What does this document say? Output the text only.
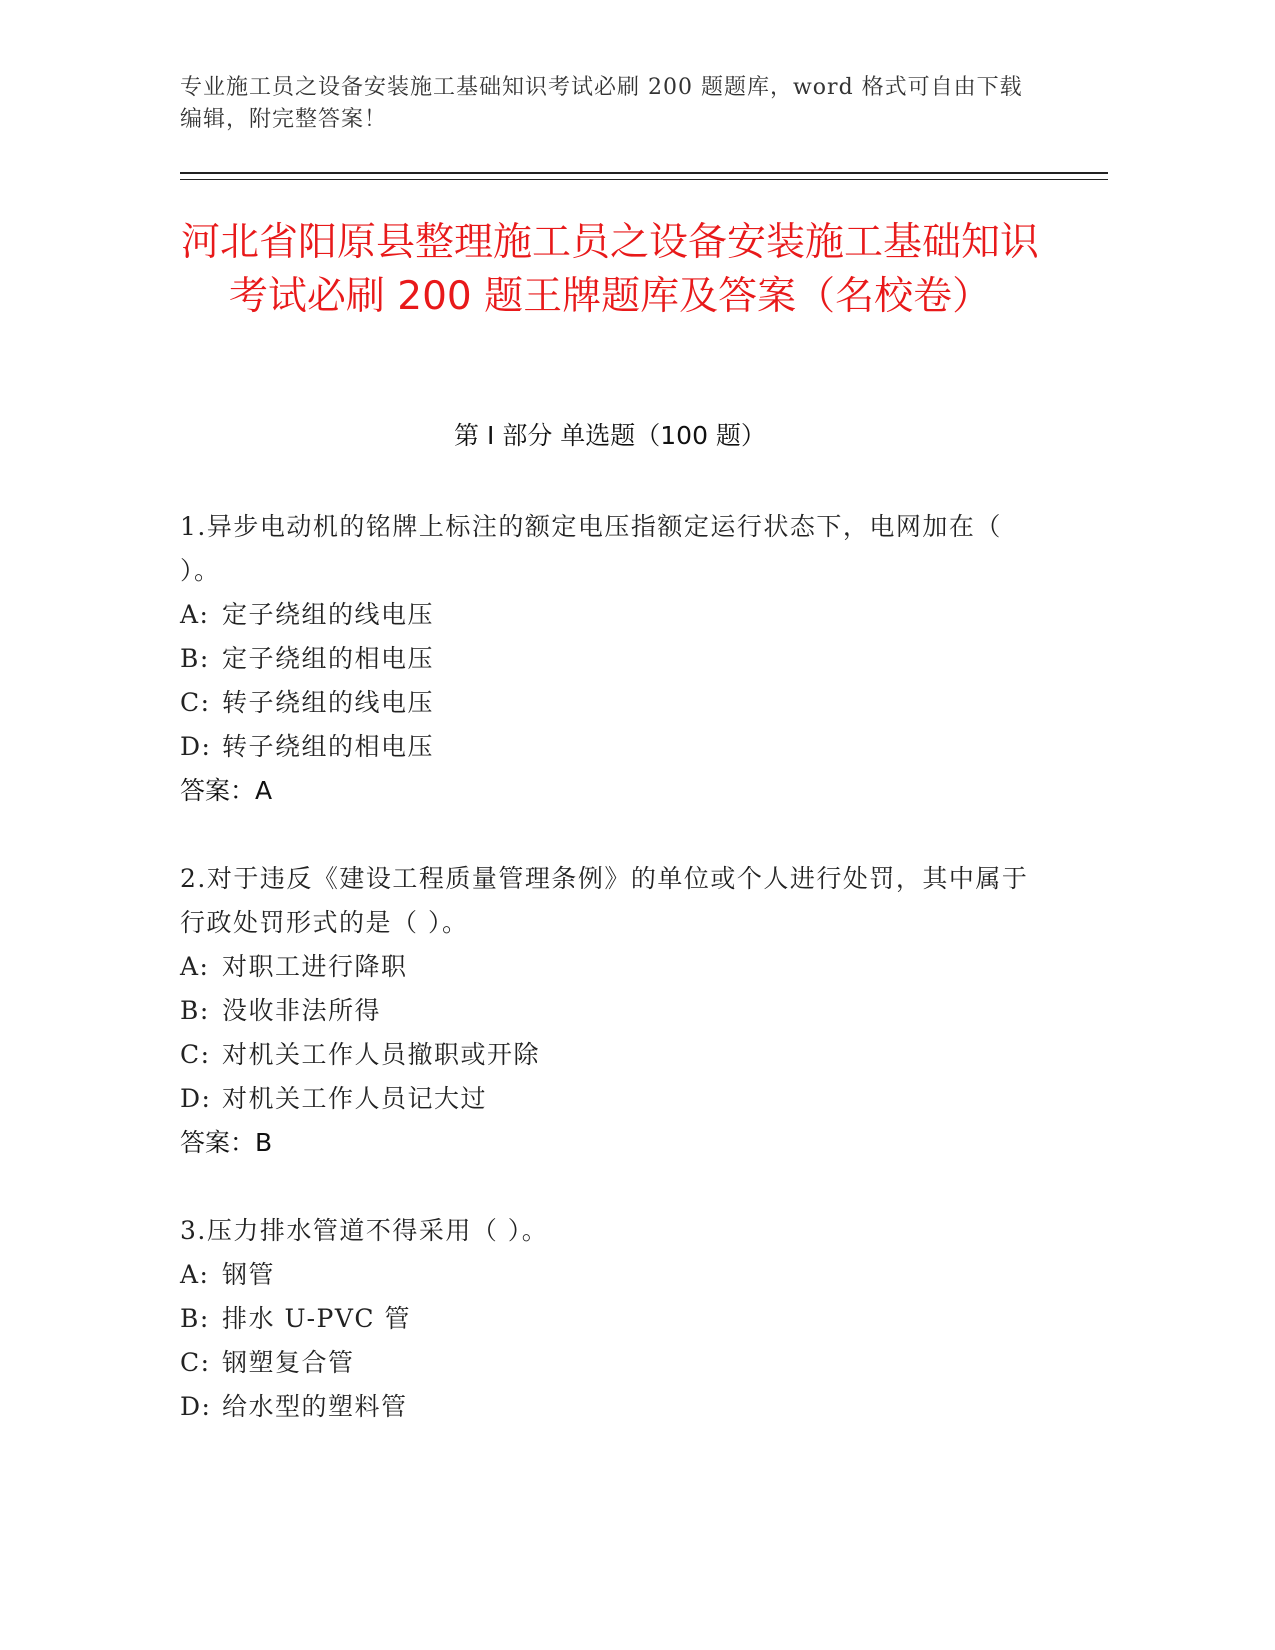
专业施工员之设备安装施工基础知识考试必刷 200 题题库，word 格式可自由下载编辑，附完整答案！
河北省阳原县整理施工员之设备安装施工基础知识考试必刷 200 题王牌题库及答案（名校卷）
第 I 部分 单选题（100 题）
1.异步电动机的铭牌上标注的额定电压指额定运行状态下，电网加在（ ）。
A: 定子绕组的线电压
B: 定子绕组的相电压
C: 转子绕组的线电压
D: 转子绕组的相电压
答案：A
2.对于违反《建设工程质量管理条例》的单位或个人进行处罚，其中属于行政处罚形式的是（ ）。
A: 对职工进行降职
B: 没收非法所得
C: 对机关工作人员撤职或开除
D: 对机关工作人员记大过
答案：B
3.压力排水管道不得采用（ ）。
A: 钢管
B: 排水 U-PVC 管
C: 钢塑复合管
D: 给水型的塑料管
